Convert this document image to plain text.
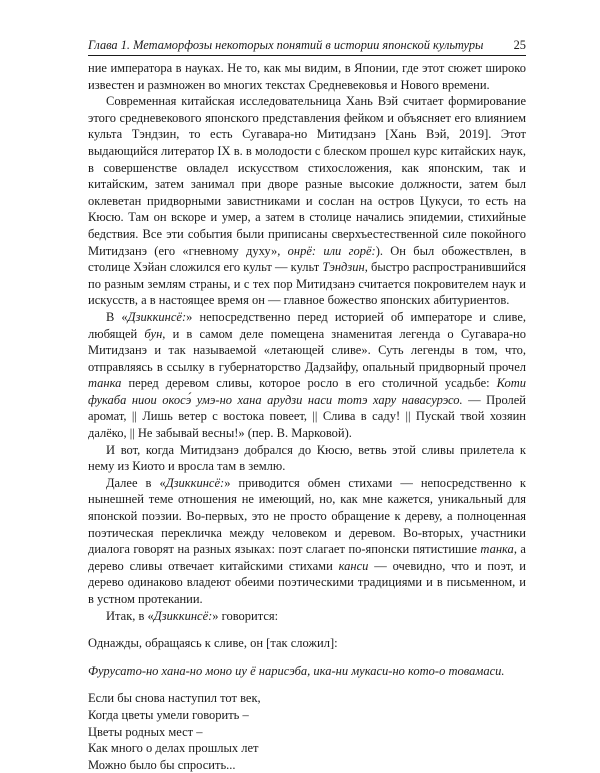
Глава 1. Метаморфозы некоторых понятий в истории японской культуры 25

ние императора в науках. Не то, как мы видим, в Японии, где этот сюжет широко известен и размножен во многих текстах Средневековья и Нового времени.

Современная китайская исследовательница Хань Вэй считает формирование этого средневекового японского представления фейком и объясняет его влиянием культа Тэндзин, то есть Сугавара-но Митидзанэ [Хань Вэй, 2019]. Этот выдающийся литератор IX в. в молодости с блеском прошел курс китайских наук, в совершенстве овладел искусством стихосложения, как японским, так и китайским, затем занимал при дворе разные высокие должности, затем был оклеветан придворными завистниками и сослан на остров Цукуси, то есть на Кюсю. Там он вскоре и умер, а затем в столице начались эпидемии, стихийные бедствия. Все эти события были приписаны сверхъестественной силе покойного Митидзанэ (его «гневному духу», онрё: или горё:). Он был обожествлен, в столице Хэйан сложился его культ — культ Тэндзин, быстро распространившийся по разным землям страны, и с тех пор Митидзанэ считается покровителем наук и искусств, а в настоящее время он — главное божество японских абитуриентов.

В «Дзиккинсё:» непосредственно перед историей об императоре и сливе, любящей бун, и в самом деле помещена знаменитая легенда о Сугавара-но Митидзанэ и так называемой «летающей сливе». Суть легенды в том, что, отправляясь в ссылку в губернаторство Дадзайфу, опальный придворный прочел танка перед деревом сливы, которое росло в его столичной усадьбе: Коти фукаба ниои окосэ́ умэ-но хана арудзи наси тотэ хару навасурэсо. — Пролей аромат, || Лишь ветер с востока повеет, || Слива в саду! || Пускай твой хозяин далёко, || Не забывай весны!» (пер. В. Марковой).

И вот, когда Митидзанэ добрался до Кюсю, ветвь этой сливы прилетела к нему из Киото и вросла там в землю.

Далее в «Дзиккинсё:» приводится обмен стихами — непосредственно к нынешней теме отношения не имеющий, но, как мне кажется, уникальный для японской поэзии. Во-первых, это не просто обращение к дереву, а полноценная поэтическая перекличка между человеком и деревом. Во-вторых, участники диалога говорят на разных языках: поэт слагает по-японски пятистишие танка, а дерево сливы отвечает китайскими стихами канси — очевидно, что и поэт, и дерево одинаково владеют обеими поэтическими традициями и в письменном, и в устном протекании.

Итак, в «Дзиккинсё:» говорится:

Однажды, обращаясь к сливе, он [так сложил]:

Фурусато-но хана-но моно иу ё нарисэба, ика-ни мукаси-но кото-о товамаси.

Если бы снова наступил тот век,

Когда цветы умели говорить –

Цветы родных мест –

Как много о делах прошлых лет

Можно было бы спросить...
